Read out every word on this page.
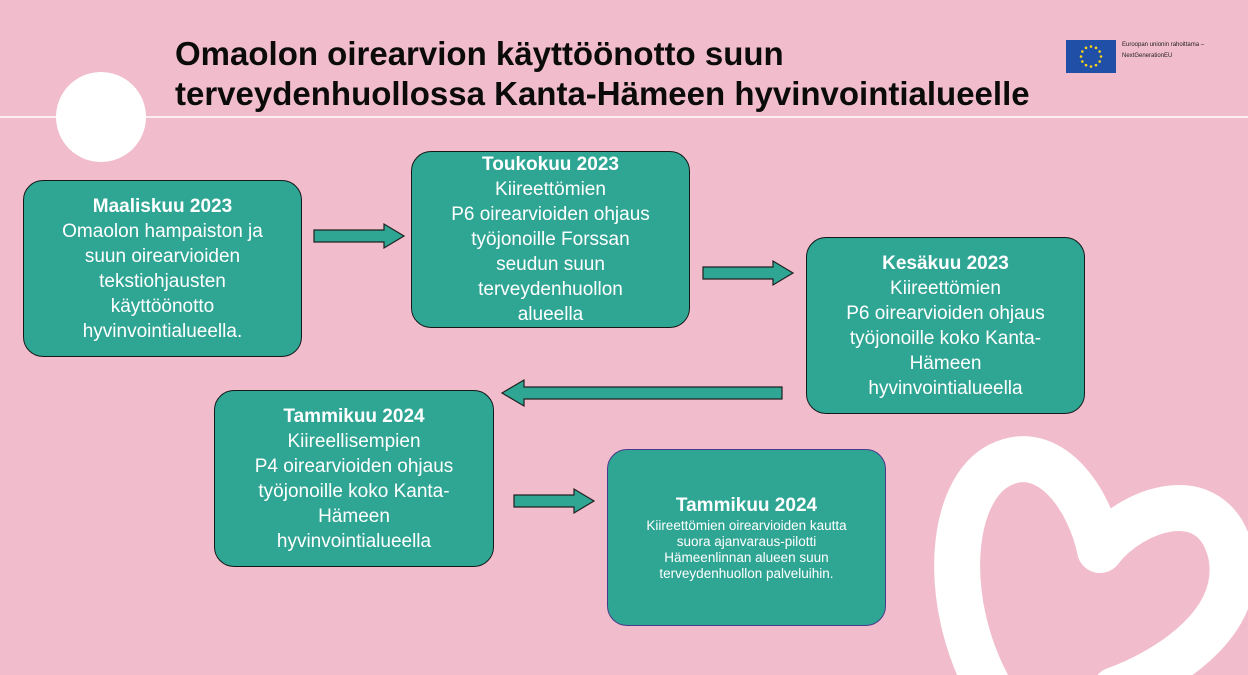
Omaolon oirearvion käyttöönotto suun
terveydenhuollossa Kanta-Hämeen hyvinvointialueelle
Euroopan unionin rahoittama –
NextGenerationEU
Maaliskuu 2023
Omaolon hampaiston ja
suun oirearvioiden
tekstiohjausten
käyttöönotto
hyvinvointialueella.
Toukokuu 2023
Kiireettömien
P6 oirearvioiden ohjaus
työjonoille Forssan
seudun suun
terveydenhuollon
alueella
Kesäkuu 2023
Kiireettömien
P6 oirearvioiden ohjaus
työjonoille koko Kanta-
Hämeen
hyvinvointialueella
Tammikuu 2024
Kiireellisempien
P4 oirearvioiden ohjaus
työjonoille koko Kanta-
Hämeen
hyvinvointialueella
Tammikuu 2024
Kiireettömien oirearvioiden kautta
suora ajanvaraus-pilotti
Hämeenlinnan alueen suun
terveydenhuollon palveluihin.
